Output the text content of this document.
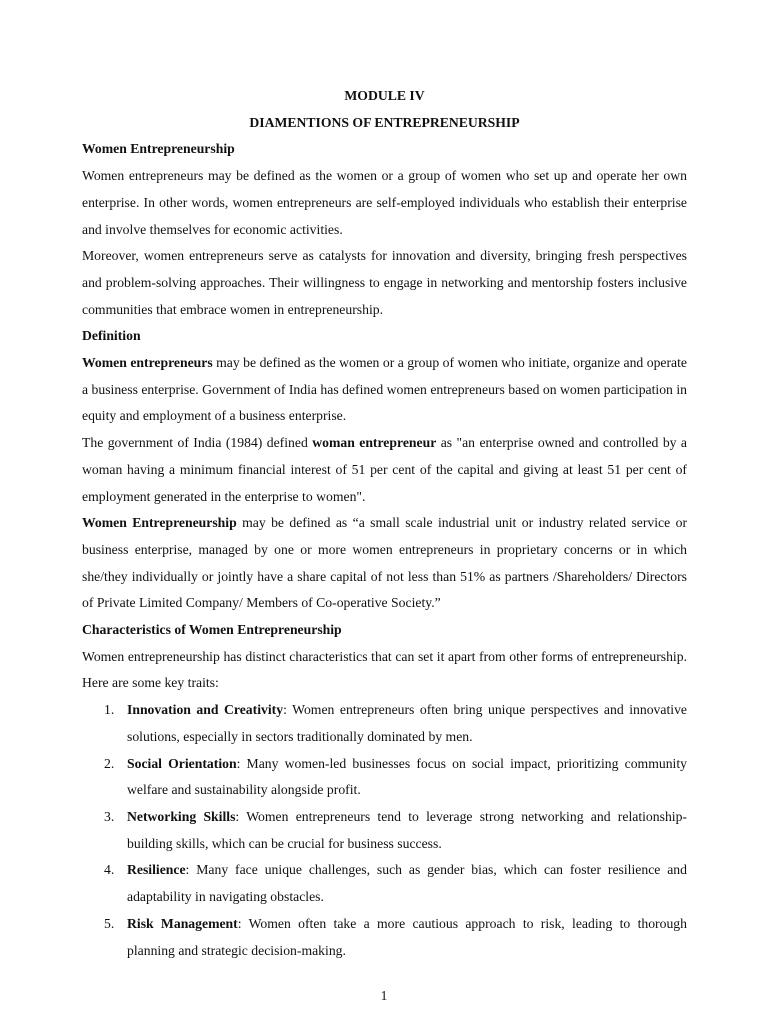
MODULE IV
DIAMENTIONS OF ENTREPRENEURSHIP
Women Entrepreneurship

Women entrepreneurs may be defined as the women or a group of women who set up and operate her own enterprise. In other words, women entrepreneurs are self-employed individuals who establish their enterprise and involve themselves for economic activities.

Moreover, women entrepreneurs serve as catalysts for innovation and diversity, bringing fresh perspectives and problem-solving approaches. Their willingness to engage in networking and mentorship fosters inclusive communities that embrace women in entrepreneurship.

Definition

Women entrepreneurs may be defined as the women or a group of women who initiate, organize and operate a business enterprise. Government of India has defined women entrepreneurs based on women participation in equity and employment of a business enterprise.

The government of India (1984) defined woman entrepreneur as "an enterprise owned and controlled by a woman having a minimum financial interest of 51 per cent of the capital and giving at least 51 per cent of employment generated in the enterprise to women".

Women Entrepreneurship may be defined as “a small scale industrial unit or industry related service or business enterprise, managed by one or more women entrepreneurs in proprietary concerns or in which she/they individually or jointly have a share capital of not less than 51% as partners /Shareholders/ Directors of Private Limited Company/ Members of Co-operative Society.”

Characteristics of Women Entrepreneurship

Women entrepreneurship has distinct characteristics that can set it apart from other forms of entrepreneurship. Here are some key traits:

1. Innovation and Creativity: Women entrepreneurs often bring unique perspectives and innovative solutions, especially in sectors traditionally dominated by men.
2. Social Orientation: Many women-led businesses focus on social impact, prioritizing community welfare and sustainability alongside profit.
3. Networking Skills: Women entrepreneurs tend to leverage strong networking and relationship-building skills, which can be crucial for business success.
4. Resilience: Many face unique challenges, such as gender bias, which can foster resilience and adaptability in navigating obstacles.
5. Risk Management: Women often take a more cautious approach to risk, leading to thorough planning and strategic decision-making.
1
